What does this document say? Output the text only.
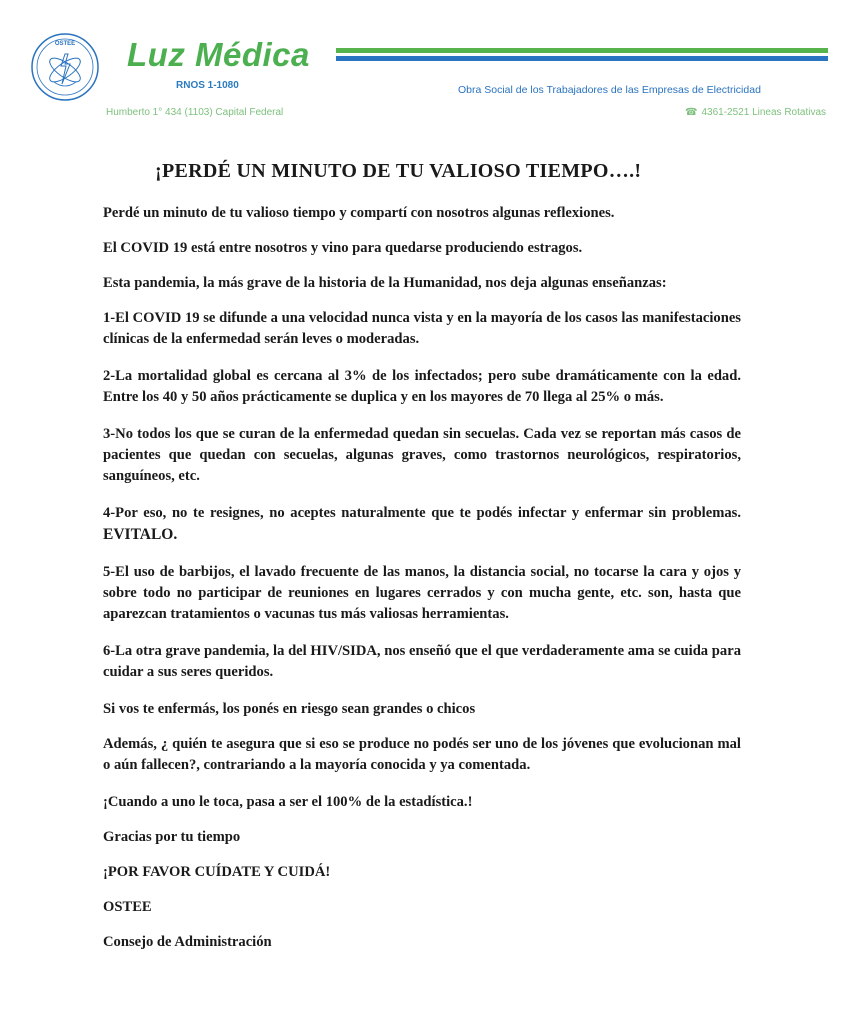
OSTEE Luz Médica
RNOS 1-1080
Humberto 1° 434 (1103) Capital Federal
Obra Social de los Trabajadores de las Empresas de Electricidad
☎ 4361-2521 Lineas Rotativas
¡PERDÉ UN MINUTO DE TU VALIOSO TIEMPO….!

Perdé un minuto de tu valioso tiempo y compartí con nosotros algunas reflexiones.

El COVID 19 está entre nosotros y vino para quedarse produciendo estragos.

Esta pandemia, la más grave de la historia de la Humanidad, nos deja algunas enseñanzas:

1-El COVID 19 se difunde a una velocidad nunca vista y en la mayoría de los casos las manifestaciones clínicas de la enfermedad serán leves o moderadas.

2-La mortalidad global es cercana al 3% de los infectados; pero sube dramáticamente con la edad. Entre los 40 y 50 años prácticamente se duplica y en los mayores de 70 llega al 25% o más.

3-No todos los que se curan de la enfermedad quedan sin secuelas. Cada vez se reportan más casos de pacientes que quedan con secuelas, algunas graves, como trastornos neurológicos, respiratorios, sanguíneos, etc.

4-Por eso, no te resignes, no aceptes naturalmente que te podés infectar y enfermar sin problemas. EVITALO.

5-El uso de barbijos, el lavado frecuente de las manos, la distancia social, no tocarse la cara y ojos y sobre todo no participar de reuniones en lugares cerrados y con mucha gente, etc. son, hasta que aparezcan tratamientos o vacunas tus más valiosas herramientas.

6-La otra grave pandemia, la del HIV/SIDA, nos enseñó que el que verdaderamente ama se cuida para cuidar a sus seres queridos.

Si vos te enfermás, los ponés en riesgo sean grandes o chicos

Además, ¿ quién te asegura que si eso se produce no podés ser uno de los jóvenes que evolucionan mal o aún fallecen?, contrariando a la mayoría conocida y ya comentada.

¡Cuando a uno le toca, pasa a ser el 100% de la estadística.!

Gracias por tu tiempo

¡POR FAVOR CUÍDATE Y CUIDÁ!

OSTEE

Consejo de Administración
